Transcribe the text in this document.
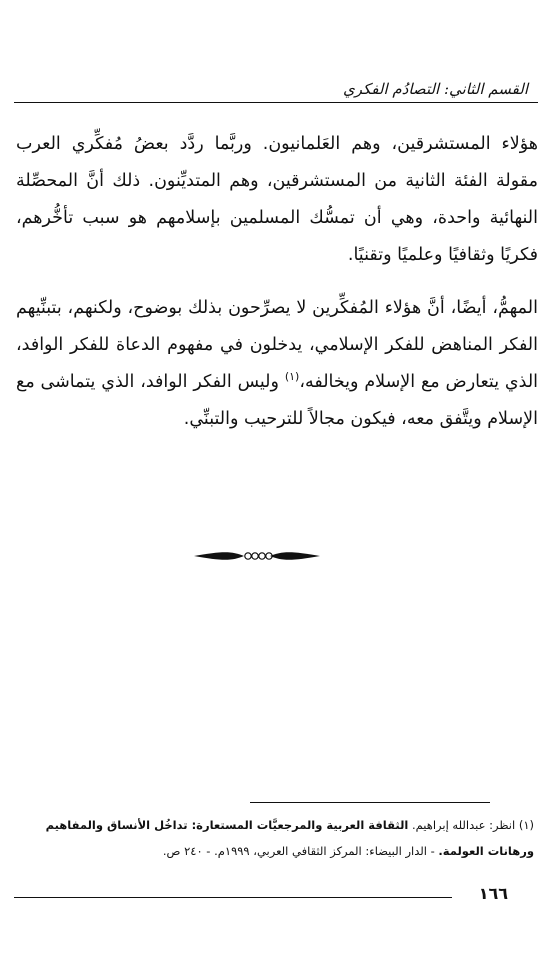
القسم الثاني: التصادُم الفكري

هؤلاء المستشرقين، وهم العَلمانيون. وربَّما ردَّد بعضُ مُفكِّري العرب مقولة الفئة الثانية من المستشرقين، وهم المتديِّنون. ذلك أنَّ المحصِّلة النهائية واحدة، وهي أن تمسُّك المسلمين بإسلامهم هو سبب تأخُّرهم، فكريًا وثقافيًا وعلميًا وتقنيًا.

المهمُّ، أيضًا، أنَّ هؤلاء المُفكِّرين لا يصرِّحون بذلك بوضوح، ولكنهم، بتبنِّيهم الفكر المناهض للفكر الإسلامي، يدخلون في مفهوم الدعاة للفكر الوافد، الذي يتعارض مع الإسلام ويخالفه،$^{(١)}$ وليس الفكر الوافد، الذي يتماشى مع الإسلام ويتَّفق معه، فيكون مجالاً للترحيب والتبنِّي.

(١) انظر: عبدالله إبراهيم. الثقافة العربية والمرجعيَّات المستعارة: تداخُل الأنساق والمفاهيم ورهانات العولمة. - الدار البيضاء: المركز الثقافي العربي، ١٩٩٩م. - ٢٤٠ ص.
١٦٦
